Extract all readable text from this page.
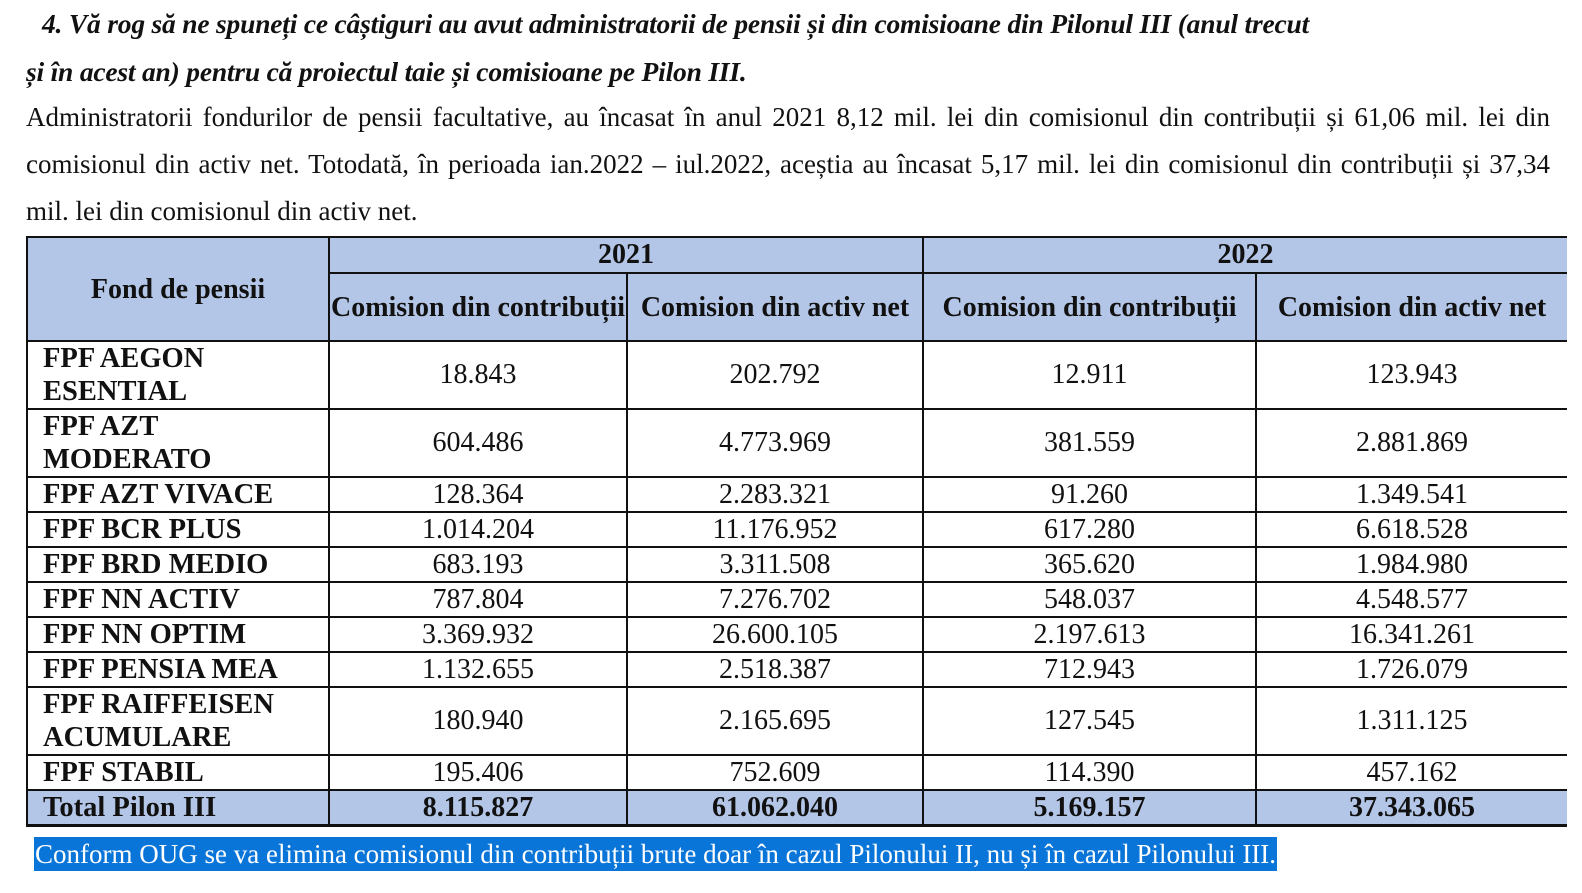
4. Vă rog să ne spuneți ce câștiguri au avut administratorii de pensii și din comisioane din Pilonul III (anul trecut
și în acest an) pentru că proiectul taie și comisioane pe Pilon III.
Administratorii fondurilor de pensii facultative, au încasat în anul 2021 8,12 mil. lei din comisionul din contribuții și 61,06 mil. lei din comisionul din activ net. Totodată, în perioada ian.2022 – iul.2022, aceștia au încasat 5,17 mil. lei din comisionul din contribuții și 37,34 mil. lei din comisionul din activ net.
Fond de pensii	2021		2022	
	Comision din contribuții	Comision din activ net	Comision din contribuții	Comision din activ net
FPF AEGON ESENTIAL	18.843	202.792	12.911	123.943
FPF AZT MODERATO	604.486	4.773.969	381.559	2.881.869
FPF AZT VIVACE	128.364	2.283.321	91.260	1.349.541
FPF BCR PLUS	1.014.204	11.176.952	617.280	6.618.528
FPF BRD MEDIO	683.193	3.311.508	365.620	1.984.980
FPF NN ACTIV	787.804	7.276.702	548.037	4.548.577
FPF NN OPTIM	3.369.932	26.600.105	2.197.613	16.341.261
FPF PENSIA MEA	1.132.655	2.518.387	712.943	1.726.079
FPF RAIFFEISEN ACUMULARE	180.940	2.165.695	127.545	1.311.125
FPF STABIL	195.406	752.609	114.390	457.162
Total Pilon III	8.115.827	61.062.040	5.169.157	37.343.065
Conform OUG se va elimina comisionul din contribuții brute doar în cazul Pilonului II, nu și în cazul Pilonului III.
